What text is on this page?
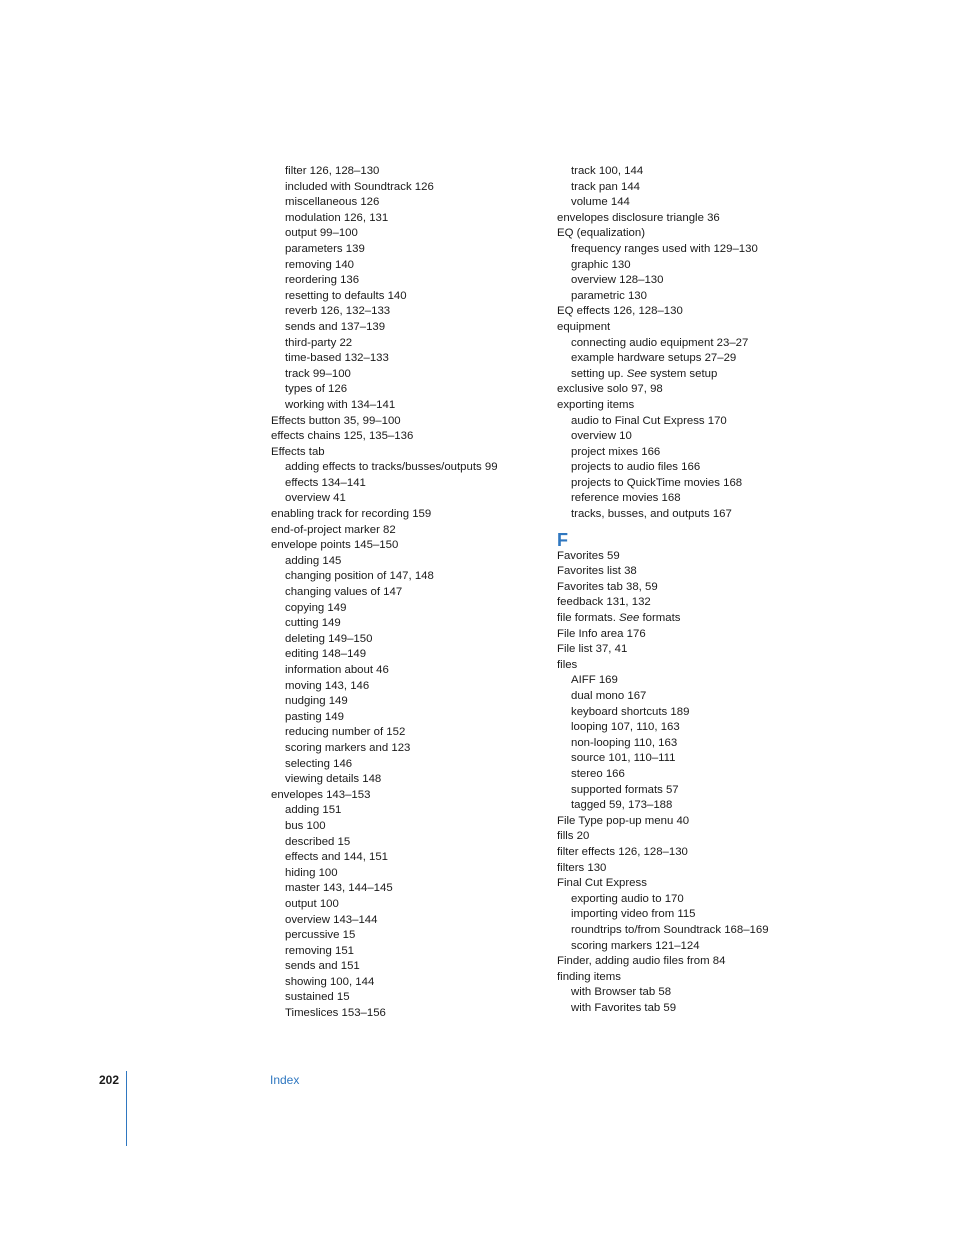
filter 126, 128–130
included with Soundtrack 126
miscellaneous 126
modulation 126, 131
output 99–100
parameters 139
removing 140
reordering 136
resetting to defaults 140
reverb 126, 132–133
sends and 137–139
third-party 22
time-based 132–133
track 99–100
types of 126
working with 134–141
Effects button 35, 99–100
effects chains 125, 135–136
Effects tab
adding effects to tracks/busses/outputs 99
effects 134–141
overview 41
enabling track for recording 159
end-of-project marker 82
envelope points 145–150
adding 145
changing position of 147, 148
changing values of 147
copying 149
cutting 149
deleting 149–150
editing 148–149
information about 46
moving 143, 146
nudging 149
pasting 149
reducing number of 152
scoring markers and 123
selecting 146
viewing details 148
envelopes 143–153
adding 151
bus 100
described 15
effects and 144, 151
hiding 100
master 143, 144–145
output 100
overview 143–144
percussive 15
removing 151
sends and 151
showing 100, 144
sustained 15
Timeslices 153–156
track 100, 144
track pan 144
volume 144
envelopes disclosure triangle 36
EQ (equalization)
frequency ranges used with 129–130
graphic 130
overview 128–130
parametric 130
EQ effects 126, 128–130
equipment
connecting audio equipment 23–27
example hardware setups 27–29
setting up. See system setup
exclusive solo 97, 98
exporting items
audio to Final Cut Express 170
overview 10
project mixes 166
projects to audio files 166
projects to QuickTime movies 168
reference movies 168
tracks, busses, and outputs 167
F
Favorites 59
Favorites list 38
Favorites tab 38, 59
feedback 131, 132
file formats. See formats
File Info area 176
File list 37, 41
files
AIFF 169
dual mono 167
keyboard shortcuts 189
looping 107, 110, 163
non-looping 110, 163
source 101, 110–111
stereo 166
supported formats 57
tagged 59, 173–188
File Type pop-up menu 40
fills 20
filter effects 126, 128–130
filters 130
Final Cut Express
exporting audio to 170
importing video from 115
roundtrips to/from Soundtrack 168–169
scoring markers 121–124
Finder, adding audio files from 84
finding items
with Browser tab 58
with Favorites tab 59
202	Index
